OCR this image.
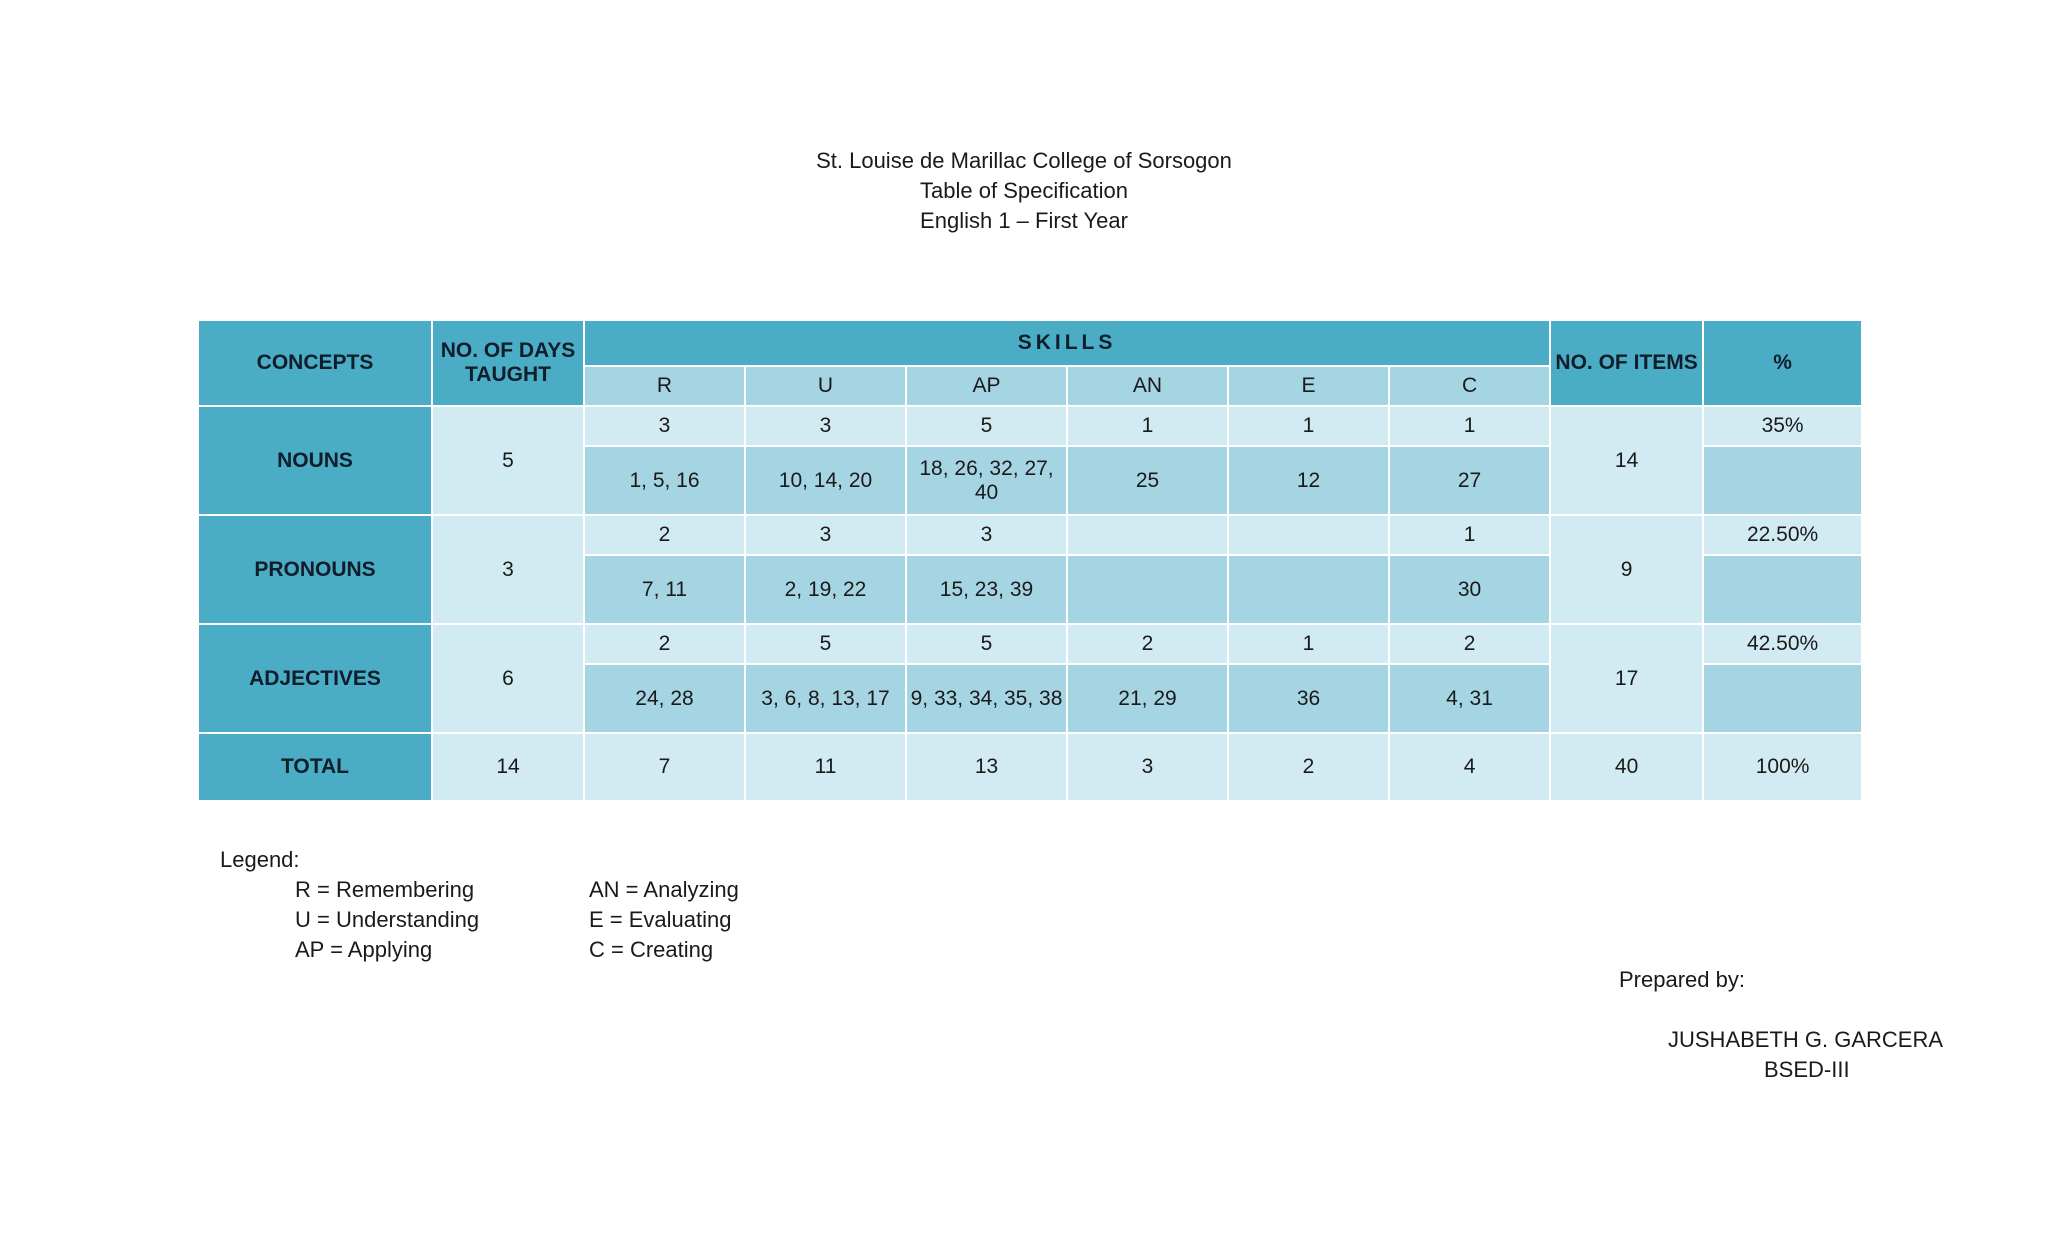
St. Louise de Marillac College of Sorsogon
Table of Specification
English 1 – First Year
CONCEPTS	NO. OF DAYS TAUGHT	SKILLS						NO. OF ITEMS	%
		R	U	AP	AN	E	C		
NOUNS	5	3	3	5	1	1	1	14	35%
		1, 5, 16	10, 14, 20	18, 26, 32, 27, 40	25	12	27		
PRONOUNS	3	2	3	3			1	9	22.50%
		7, 11	2, 19, 22	15, 23, 39			30		
ADJECTIVES	6	2	5	5	2	1	2	17	42.50%
		24, 28	3, 6, 8, 13, 17	9, 33, 34, 35, 38	21, 29	36	4, 31		
TOTAL	14	7	11	13	3	2	4	40	100%
Legend:
R = Remembering
U = Understanding
AP = Applying
AN = Analyzing
E = Evaluating
C = Creating
Prepared by:
JUSHABETH G. GARCERA
BSED-III
